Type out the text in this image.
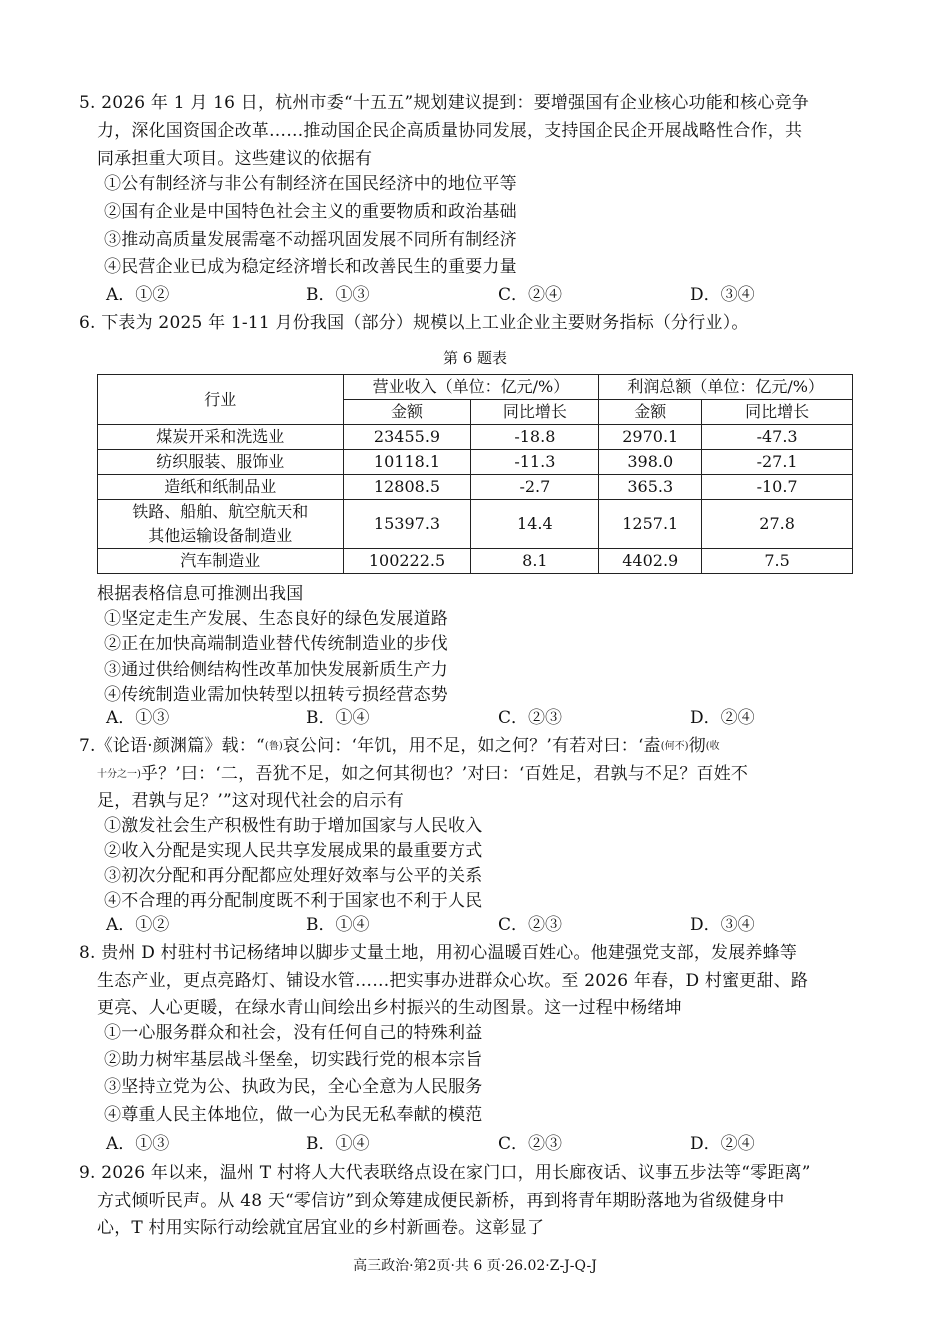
5. 2026 年 1 月 16 日，杭州市委“十五五”规划建议提到：要增强国有企业核心功能和核心竞争
力，深化国资国企改革……推动国企民企高质量协同发展，支持国企民企开展战略性合作，共
同承担重大项目。这些建议的依据有
①公有制经济与非公有制经济在国民经济中的地位平等
②国有企业是中国特色社会主义的重要物质和政治基础
③推动高质量发展需毫不动摇巩固发展不同所有制经济
④民营企业已成为稳定经济增长和改善民生的重要力量
A．①②	B．①③	C．②④	D．③④
6. 下表为 2025 年 1-11 月份我国（部分）规模以上工业企业主要财务指标（分行业）。
第 6 题表
行业	营业收入（单位：亿元/%）		利润总额（单位：亿元/%）	
	金额	同比增长	金额	同比增长
煤炭开采和洗选业	23455.9	-18.8	2970.1	-47.3
纺织服装、服饰业	10118.1	-11.3	398.0	-27.1
造纸和纸制品业	12808.5	-2.7	365.3	-10.7

铁路、船舶、航空航天和
其他运输设备制造业	15397.3	14.4	1257.1	27.8
汽车制造业	100222.5	8.1	4402.9	7.5
根据表格信息可推测出我国
①坚定走生产发展、生态良好的绿色发展道路
②正在加快高端制造业替代传统制造业的步伐
③通过供给侧结构性改革加快发展新质生产力
④传统制造业需加快转型以扭转亏损经营态势
A．①③	B．①④	C．②③	D．②④
7.《论语·颜渊篇》载：“(鲁)哀公问：‘年饥，用不足，如之何？’有若对曰：‘盍(何不)彻(收
十分之一)乎？’曰：‘二，吾犹不足，如之何其彻也？’对曰：‘百姓足，君孰与不足？百姓不
足，君孰与足？’”这对现代社会的启示有
①激发社会生产积极性有助于增加国家与人民收入
②收入分配是实现人民共享发展成果的最重要方式
③初次分配和再分配都应处理好效率与公平的关系
④不合理的再分配制度既不利于国家也不利于人民
A．①②	B．①④	C．②③	D．③④
8. 贵州 D 村驻村书记杨绪坤以脚步丈量土地，用初心温暖百姓心。他建强党支部，发展养蜂等
生态产业，更点亮路灯、铺设水管……把实事办进群众心坎。至 2026 年春，D 村蜜更甜、路
更亮、人心更暖，在绿水青山间绘出乡村振兴的生动图景。这一过程中杨绪坤
①一心服务群众和社会，没有任何自己的特殊利益
②助力树牢基层战斗堡垒，切实践行党的根本宗旨
③坚持立党为公、执政为民，全心全意为人民服务
④尊重人民主体地位，做一心为民无私奉献的模范
A．①③	B．①④	C．②③	D．②④
9. 2026 年以来，温州 T 村将人大代表联络点设在家门口，用长廊夜话、议事五步法等“零距离”
方式倾听民声。从 48 天“零信访”到众筹建成便民新桥，再到将青年期盼落地为省级健身中
心，T 村用实际行动绘就宜居宜业的乡村新画卷。这彰显了
高三政治·第2页·共 6 页·26.02·Z-J-Q-J
